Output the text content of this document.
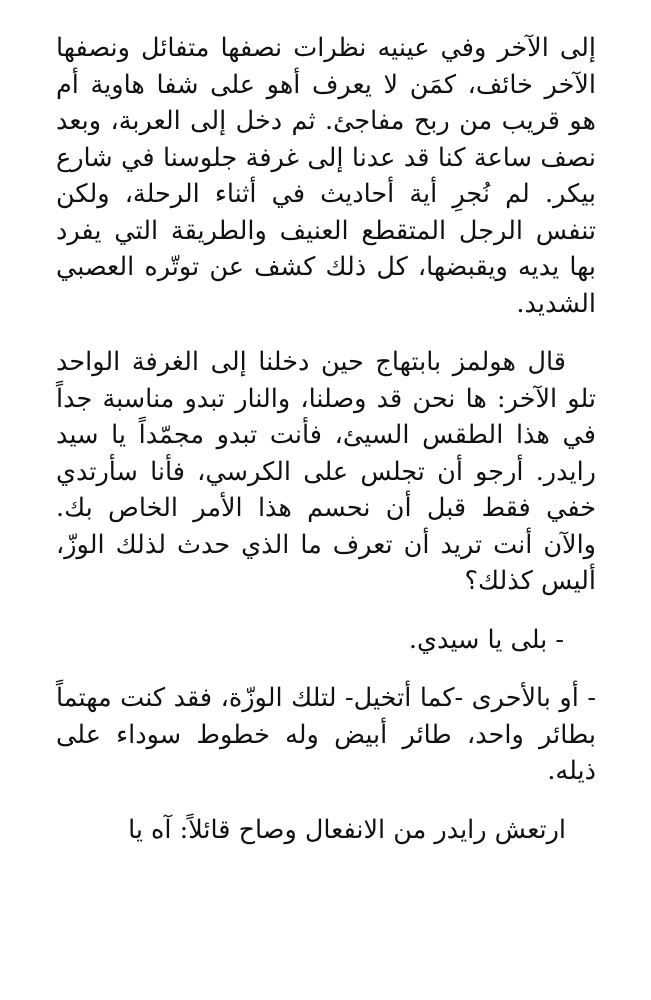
إلى الآخر وفي عينيه نظرات نصفها متفائل ونصفها الآخر خائف، كمَن لا يعرف أهو على شفا هاوية أم هو قريب من ربح مفاجئ. ثم دخل إلى العربة، وبعد نصف ساعة كنا قد عدنا إلى غرفة جلوسنا في شارع بيكر. لم نُجرِ أية أحاديث في أثناء الرحلة، ولكن تنفس الرجل المتقطع العنيف والطريقة التي يفرد بها يديه ويقبضها، كل ذلك كشف عن توتّره العصبي الشديد.

قال هولمز بابتهاج حين دخلنا إلى الغرفة الواحد تلو الآخر: ها نحن قد وصلنا، والنار تبدو مناسبة جداً في هذا الطقس السيئ، فأنت تبدو مجمّداً يا سيد رايدر. أرجو أن تجلس على الكرسي، فأنا سأرتدي خفي فقط قبل أن نحسم هذا الأمر الخاص بك. والآن أنت تريد أن تعرف ما الذي حدث لذلك الوزّ، أليس كذلك؟

- بلى يا سيدي.

- أو بالأحرى -كما أتخيل- لتلك الوزّة، فقد كنت مهتماً بطائر واحد، طائر أبيض وله خطوط سوداء على ذيله.

ارتعش رايدر من الانفعال وصاح قائلاً: آه يا
